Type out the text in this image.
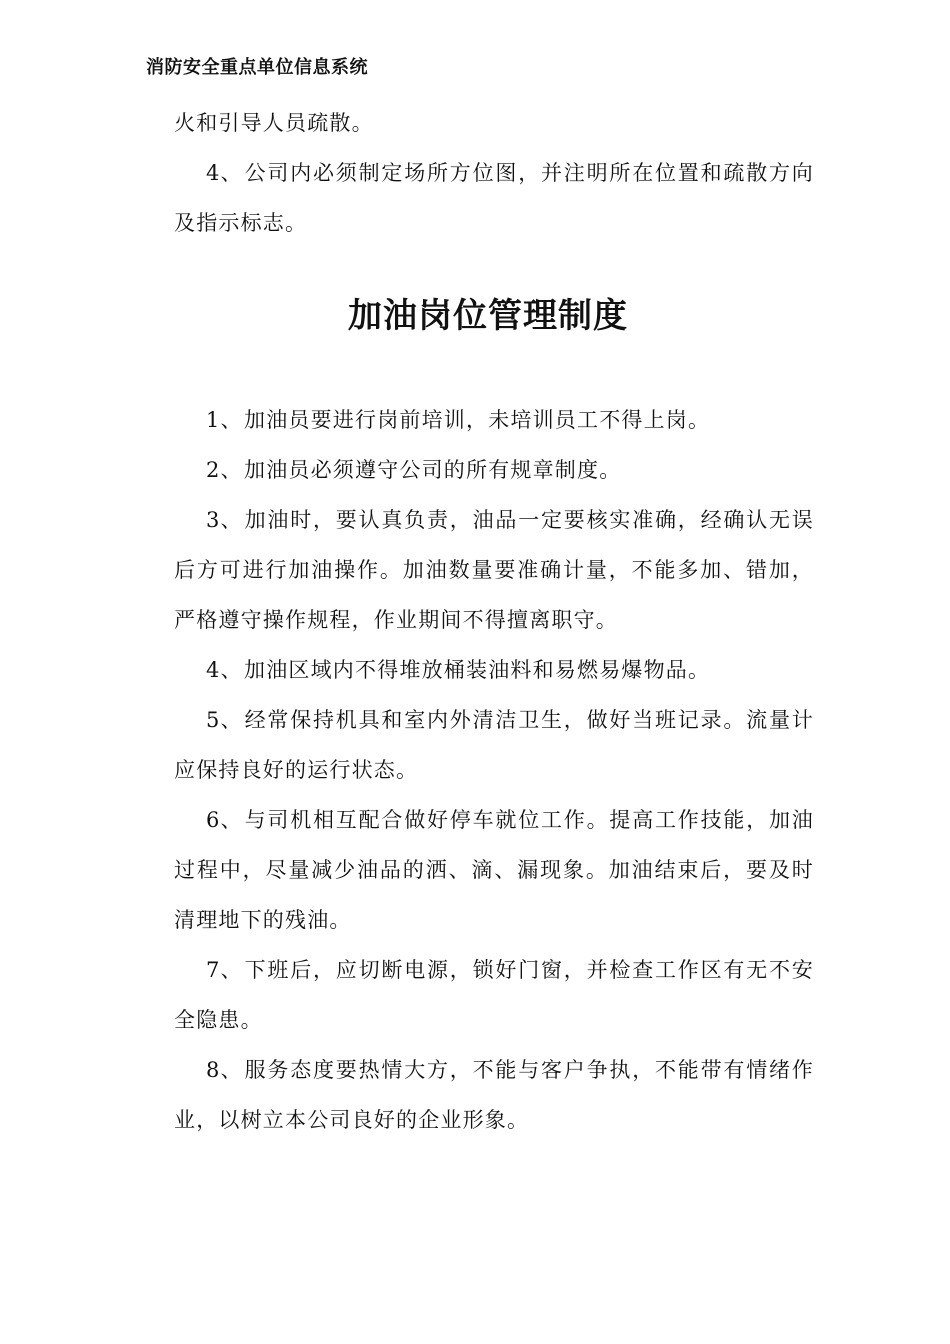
消防安全重点单位信息系统

火和引导人员疏散。

4、公司内必须制定场所方位图，并注明所在位置和疏散方向及指示标志。

加油岗位管理制度

1、加油员要进行岗前培训，未培训员工不得上岗。

2、加油员必须遵守公司的所有规章制度。

3、加油时，要认真负责，油品一定要核实准确，经确认无误后方可进行加油操作。加油数量要准确计量，不能多加、错加，严格遵守操作规程，作业期间不得擅离职守。

4、加油区域内不得堆放桶装油料和易燃易爆物品。

5、经常保持机具和室内外清洁卫生，做好当班记录。流量计应保持良好的运行状态。

6、与司机相互配合做好停车就位工作。提高工作技能，加油过程中，尽量减少油品的洒、滴、漏现象。加油结束后，要及时清理地下的残油。

7、下班后，应切断电源，锁好门窗，并检查工作区有无不安全隐患。

8、服务态度要热情大方，不能与客户争执，不能带有情绪作业，以树立本公司良好的企业形象。
